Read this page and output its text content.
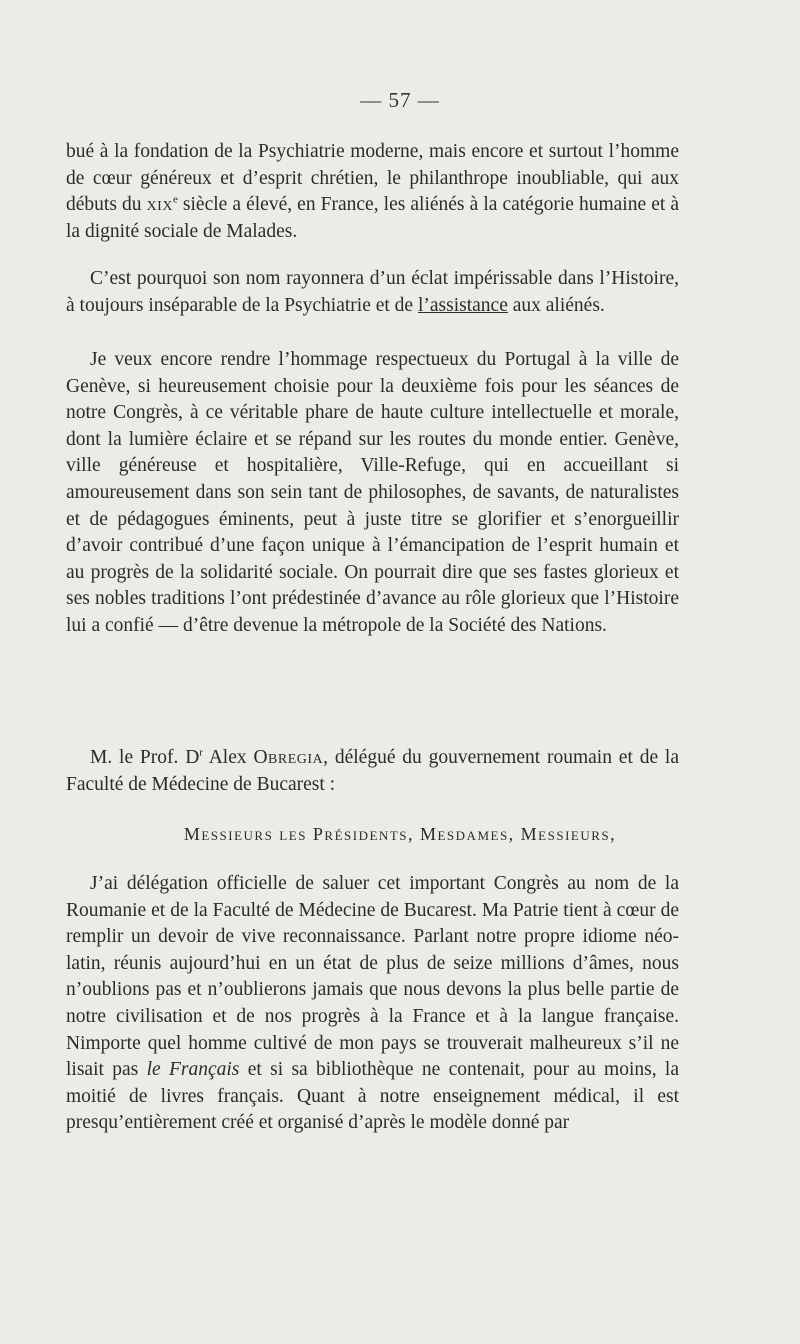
— 57 —

bué à la fondation de la Psychiatrie moderne, mais encore et surtout l’homme de cœur généreux et d’esprit chrétien, le philanthrope inoubliable, qui aux débuts du xix$^e$ siècle a élevé, en France, les aliénés à la catégorie humaine et à la dignité sociale de Malades.

C’est pourquoi son nom rayonnera d’un éclat impérissable dans l’Histoire, à toujours inséparable de la Psychiatrie et de l’assistance aux aliénés.

Je veux encore rendre l’hommage respectueux du Portugal à la ville de Genève, si heureusement choisie pour la deuxième fois pour les séances de notre Congrès, à ce véritable phare de haute culture intellectuelle et morale, dont la lumière éclaire et se répand sur les routes du monde entier. Genève, ville généreuse et hospitalière, Ville-Refuge, qui en accueillant si amoureusement dans son sein tant de philosophes, de savants, de naturalistes et de pédagogues éminents, peut à juste titre se glorifier et s’enorgueillir d’avoir contribué d’une façon unique à l’émancipation de l’esprit humain et au progrès de la solidarité sociale. On pourrait dire que ses fastes glorieux et ses nobles traditions l’ont prédestinée d’avance au rôle glorieux que l’Histoire lui a confié — d’être devenue la métropole de la Société des Nations.

M. le Prof. $D^r$ Alex Obregia, délégué du gouvernement roumain et de la Faculté de Médecine de Bucarest :

Messieurs les Présidents, Mesdames, Messieurs,

J’ai délégation officielle de saluer cet important Congrès au nom de la Roumanie et de la Faculté de Médecine de Bucarest. Ma Patrie tient à cœur de remplir un devoir de vive reconnaissance. Parlant notre propre idiome néo-latin, réunis aujourd’hui en un état de plus de seize millions d’âmes, nous n’oublions pas et n’oublierons jamais que nous devons la plus belle partie de notre civilisation et de nos progrès à la France et à la langue française. Nimporte quel homme cultivé de mon pays se trouverait malheureux s’il ne lisait pas le Français et si sa bibliothèque ne contenait, pour au moins, la moitié de livres français. Quant à notre enseignement médical, il est presqu’entièrement créé et organisé d’après le modèle donné par
